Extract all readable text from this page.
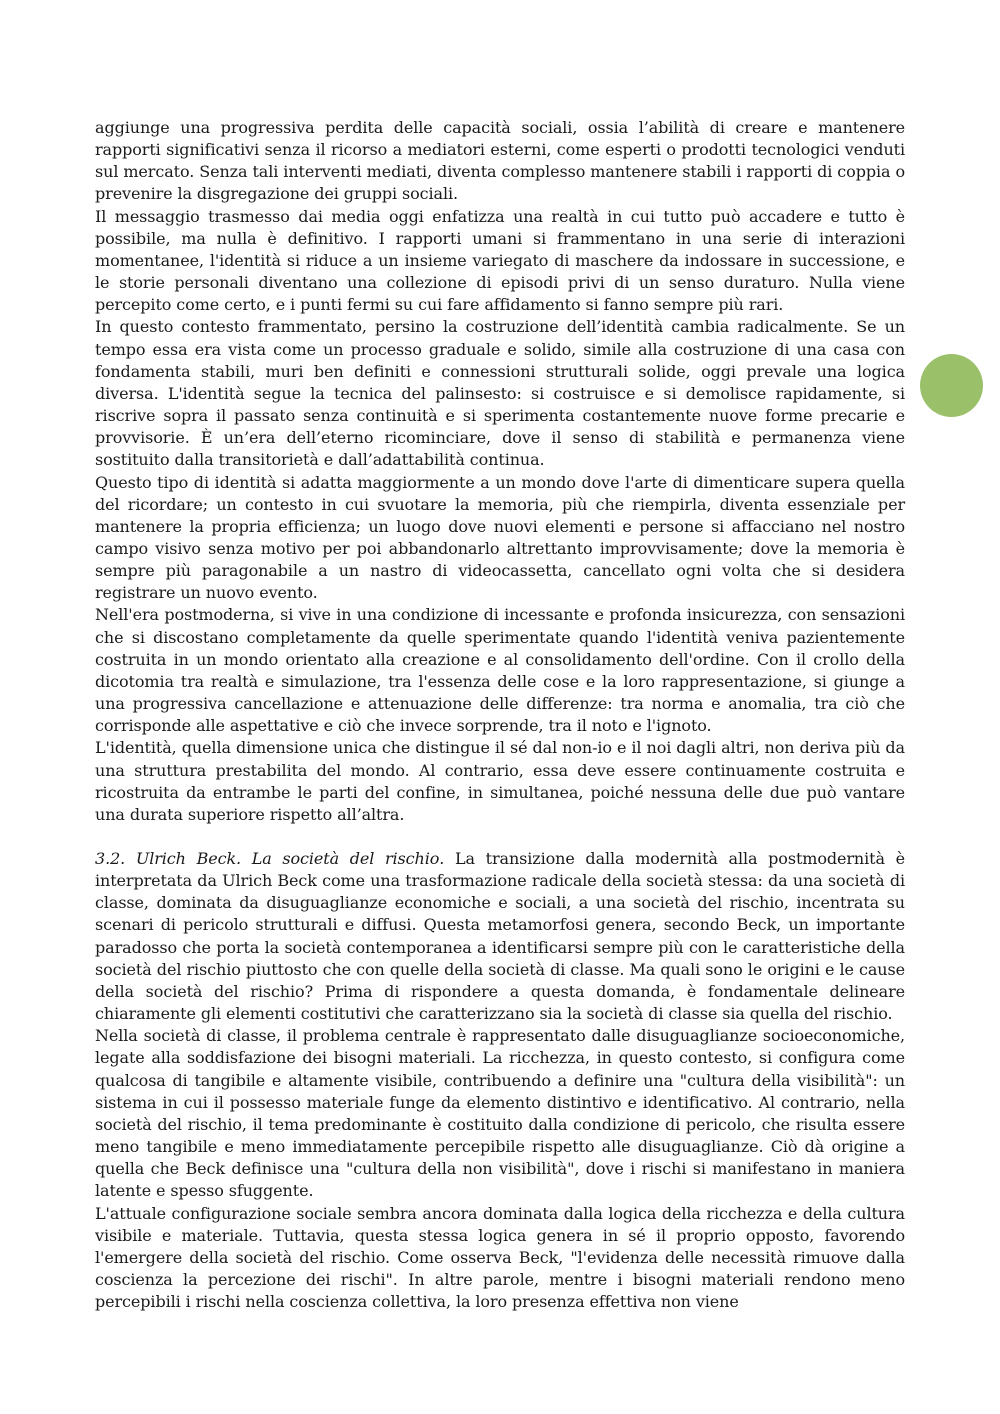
aggiunge una progressiva perdita delle capacità sociali, ossia l’abilità di creare e mantenere rapporti significativi senza il ricorso a mediatori esterni, come esperti o prodotti tecnologici venduti sul mercato. Senza tali interventi mediati, diventa complesso mantenere stabili i rapporti di coppia o prevenire la disgregazione dei gruppi sociali.

Il messaggio trasmesso dai media oggi enfatizza una realtà in cui tutto può accadere e tutto è possibile, ma nulla è definitivo. I rapporti umani si frammentano in una serie di interazioni momentanee, l'identità si riduce a un insieme variegato di maschere da indossare in successione, e le storie personali diventano una collezione di episodi privi di un senso duraturo. Nulla viene percepito come certo, e i punti fermi su cui fare affidamento si fanno sempre più rari.

In questo contesto frammentato, persino la costruzione dell’identità cambia radicalmente. Se un tempo essa era vista come un processo graduale e solido, simile alla costruzione di una casa con fondamenta stabili, muri ben definiti e connessioni strutturali solide, oggi prevale una logica diversa. L'identità segue la tecnica del palinsesto: si costruisce e si demolisce rapidamente, si riscrive sopra il passato senza continuità e si sperimenta costantemente nuove forme precarie e provvisorie. È un’era dell’eterno ricominciare, dove il senso di stabilità e permanenza viene sostituito dalla transitorietà e dall’adattabilità continua.

Questo tipo di identità si adatta maggiormente a un mondo dove l'arte di dimenticare supera quella del ricordare; un contesto in cui svuotare la memoria, più che riempirla, diventa essenziale per mantenere la propria efficienza; un luogo dove nuovi elementi e persone si affacciano nel nostro campo visivo senza motivo per poi abbandonarlo altrettanto improvvisamente; dove la memoria è sempre più paragonabile a un nastro di videocassetta, cancellato ogni volta che si desidera registrare un nuovo evento.

Nell'era postmoderna, si vive in una condizione di incessante e profonda insicurezza, con sensazioni che si discostano completamente da quelle sperimentate quando l'identità veniva pazientemente costruita in un mondo orientato alla creazione e al consolidamento dell'ordine. Con il crollo della dicotomia tra realtà e simulazione, tra l'essenza delle cose e la loro rappresentazione, si giunge a una progressiva cancellazione e attenuazione delle differenze: tra norma e anomalia, tra ciò che corrisponde alle aspettative e ciò che invece sorprende, tra il noto e l'ignoto.

L'identità, quella dimensione unica che distingue il sé dal non-io e il noi dagli altri, non deriva più da una struttura prestabilita del mondo. Al contrario, essa deve essere continuamente costruita e ricostruita da entrambe le parti del confine, in simultanea, poiché nessuna delle due può vantare una durata superiore rispetto all’altra.

3.2. Ulrich Beck. La società del rischio. La transizione dalla modernità alla postmodernità è interpretata da Ulrich Beck come una trasformazione radicale della società stessa: da una società di classe, dominata da disuguaglianze economiche e sociali, a una società del rischio, incentrata su scenari di pericolo strutturali e diffusi. Questa metamorfosi genera, secondo Beck, un importante paradosso che porta la società contemporanea a identificarsi sempre più con le caratteristiche della società del rischio piuttosto che con quelle della società di classe. Ma quali sono le origini e le cause della società del rischio? Prima di rispondere a questa domanda, è fondamentale delineare chiaramente gli elementi costitutivi che caratterizzano sia la società di classe sia quella del rischio.

Nella società di classe, il problema centrale è rappresentato dalle disuguaglianze socioeconomiche, legate alla soddisfazione dei bisogni materiali. La ricchezza, in questo contesto, si configura come qualcosa di tangibile e altamente visibile, contribuendo a definire una "cultura della visibilità": un sistema in cui il possesso materiale funge da elemento distintivo e identificativo. Al contrario, nella società del rischio, il tema predominante è costituito dalla condizione di pericolo, che risulta essere meno tangibile e meno immediatamente percepibile rispetto alle disuguaglianze. Ciò dà origine a quella che Beck definisce una "cultura della non visibilità", dove i rischi si manifestano in maniera latente e spesso sfuggente.

L'attuale configurazione sociale sembra ancora dominata dalla logica della ricchezza e della cultura visibile e materiale. Tuttavia, questa stessa logica genera in sé il proprio opposto, favorendo l'emergere della società del rischio. Come osserva Beck, "l'evidenza delle necessità rimuove dalla coscienza la percezione dei rischi". In altre parole, mentre i bisogni materiali rendono meno percepibili i rischi nella coscienza collettiva, la loro presenza effettiva non viene
